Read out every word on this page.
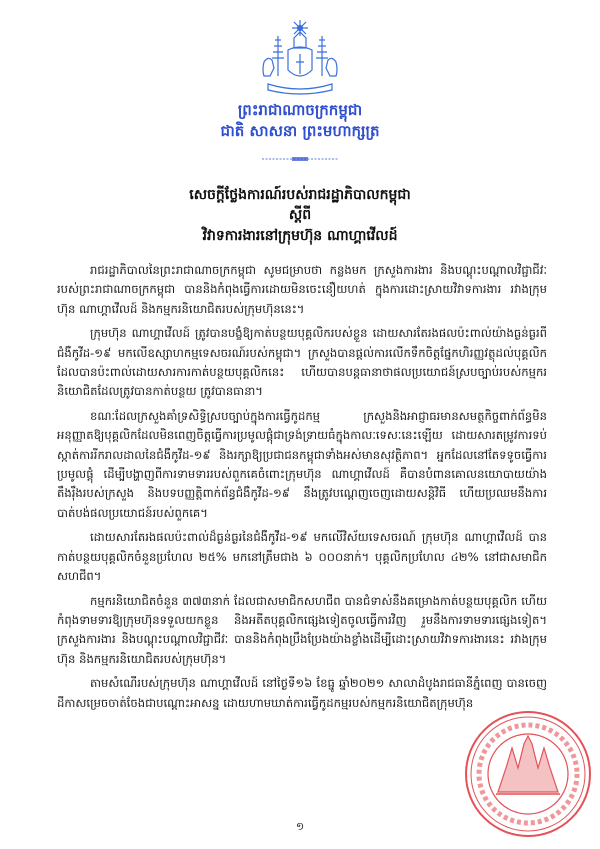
ព្រះរាជាណាចក្រកម្ពុជា
ជាតិ សាសនា ព្រះមហាក្សត្រ
សេចក្តីថ្លែងការណ៍របស់រាជរដ្ឋាភិបាលកម្ពុជា
ស្តីពី
វិវាទការងារនៅក្រុមហ៊ុន ណាហ្គាវើលដ៍

រាជរដ្ឋាភិបាលនៃព្រះរាជាណាចក្រកម្ពុជា សូមជម្រាបថា កន្លងមក ក្រសួងការងារ និងបណ្តុះបណ្តាលវិជ្ជាជីវៈរបស់ព្រះរាជាណាចក្រកម្ពុជា បាននិងកំពុងធ្វើការដោយមិនចេះនឿយហត់ ក្នុងការដោះស្រាយវិវាទការងារ រវាងក្រុមហ៊ុន ណាហ្គាវើលដ៍ និងកម្មករនិយោជិតរបស់ក្រុមហ៊ុននេះ។

ក្រុមហ៊ុន ណាហ្គាវើលដ៍ ត្រូវបានបង្ខំឱ្យកាត់បន្ថយបុគ្គលិករបស់ខ្លួន ដោយសារតែរងផលប៉ះពាល់យ៉ាងធ្ងន់ធ្ងរពីជំងឺកូវីដ-១៩ មកលើឧស្សាហកម្មទេសចរណ៍របស់កម្ពុជា។ ក្រសួងបានផ្តល់ការលើកទឹកចិត្តផ្នែកហិរញ្ញវត្ថុដល់បុគ្គលិកដែលបានប៉ះពាល់ដោយសារការកាត់បន្ថយបុគ្គលិកនេះ ហើយបានបន្តធានាថាផលប្រយោជន៍ស្របច្បាប់របស់កម្មករនិយោជិតដែលត្រូវបានកាត់បន្ថយ ត្រូវបានធានា។

ខណៈដែលក្រសួងគាំទ្រសិទ្ធិស្របច្បាប់ក្នុងការធ្វើកូដកម្ម ក្រសួងនិងអាជ្ញាធរមានសមត្ថកិច្ចពាក់ព័ន្ធមិនអនុញ្ញាតឱ្យបុគ្គលិកដែលមិនពេញចិត្តធ្វើការប្រមូលផ្តុំជាទ្រង់ទ្រាយធំក្នុងកាលៈទេសៈនេះឡើយ ដោយសារតម្រូវការទប់ស្កាត់ការរីករាលដាលនៃជំងឺកូវីដ-១៩ និងរក្សាឱ្យប្រជាជនកម្ពុជាទាំងអស់មានសុវត្ថិភាព។ អ្នកដែលនៅតែទទូចធ្វើការប្រមូលផ្តុំ ដើម្បីបង្ហាញពីការទាមទាររបស់ពួកគេចំពោះក្រុមហ៊ុន ណាហ្គាវើលដ៍ គឺបានបំពានគោលនយោបាយយ៉ាងតឹងរ៉ឹងរបស់ក្រសួង និងបទបញ្ញត្តិពាក់ព័ន្ធជំងឺកូវីដ-១៩ នឹងត្រូវបណ្តេញចេញដោយសន្តិវិធី ហើយប្រឈមនឹងការបាត់បង់ផលប្រយោជន៍របស់ពួកគេ។

ដោយសារតែរងផលប៉ះពាល់ដ៏ធ្ងន់ធ្ងរនៃជំងឺកូវីដ-១៩ មកលើវិស័យទេសចរណ៍ ក្រុមហ៊ុន ណាហ្គាវើលដ៍ បានកាត់បន្ថយបុគ្គលិកចំនួនប្រហែល ២៥% មកនៅត្រឹមជាង ៦ ០០០នាក់។ បុគ្គលិកប្រហែល ៤២% នៅជាសមាជិកសហជីព។

កម្មករនិយោជិតចំនួន ៣៧៣នាក់ ដែលជាសមាជិកសហជីព បានជំទាស់នឹងគម្រោងកាត់បន្ថយបុគ្គលិក ហើយកំពុងទាមទារឱ្យក្រុមហ៊ុនទទួលយកខ្លួន និងអតីតបុគ្គលិកផ្សេងទៀតចូលធ្វើការវិញ រួមនឹងការទាមទារផ្សេងទៀត។ ក្រសួងការងារ និងបណ្តុះបណ្តាលវិជ្ជាជីវៈ បាននិងកំពុងប្រឹងប្រែងយ៉ាងខ្លាំងដើម្បីដោះស្រាយវិវាទការងារនេះ រវាងក្រុមហ៊ុន និងកម្មករនិយោជិតរបស់ក្រុមហ៊ុន។

តាមសំណើរបស់ក្រុមហ៊ុន ណាហ្គាវើលដ៍ នៅថ្ងៃទី១៦ ខែធ្នូ ឆ្នាំ២០២១ សាលាដំបូងរាជធានីភ្នំពេញ បានចេញដីកាសម្រេចចាត់ចែងជាបណ្តោះអាសន្ន ដោយហាមឃាត់ការធ្វើកូដកម្មរបស់កម្មករនិយោជិតក្រុមហ៊ុន

១
